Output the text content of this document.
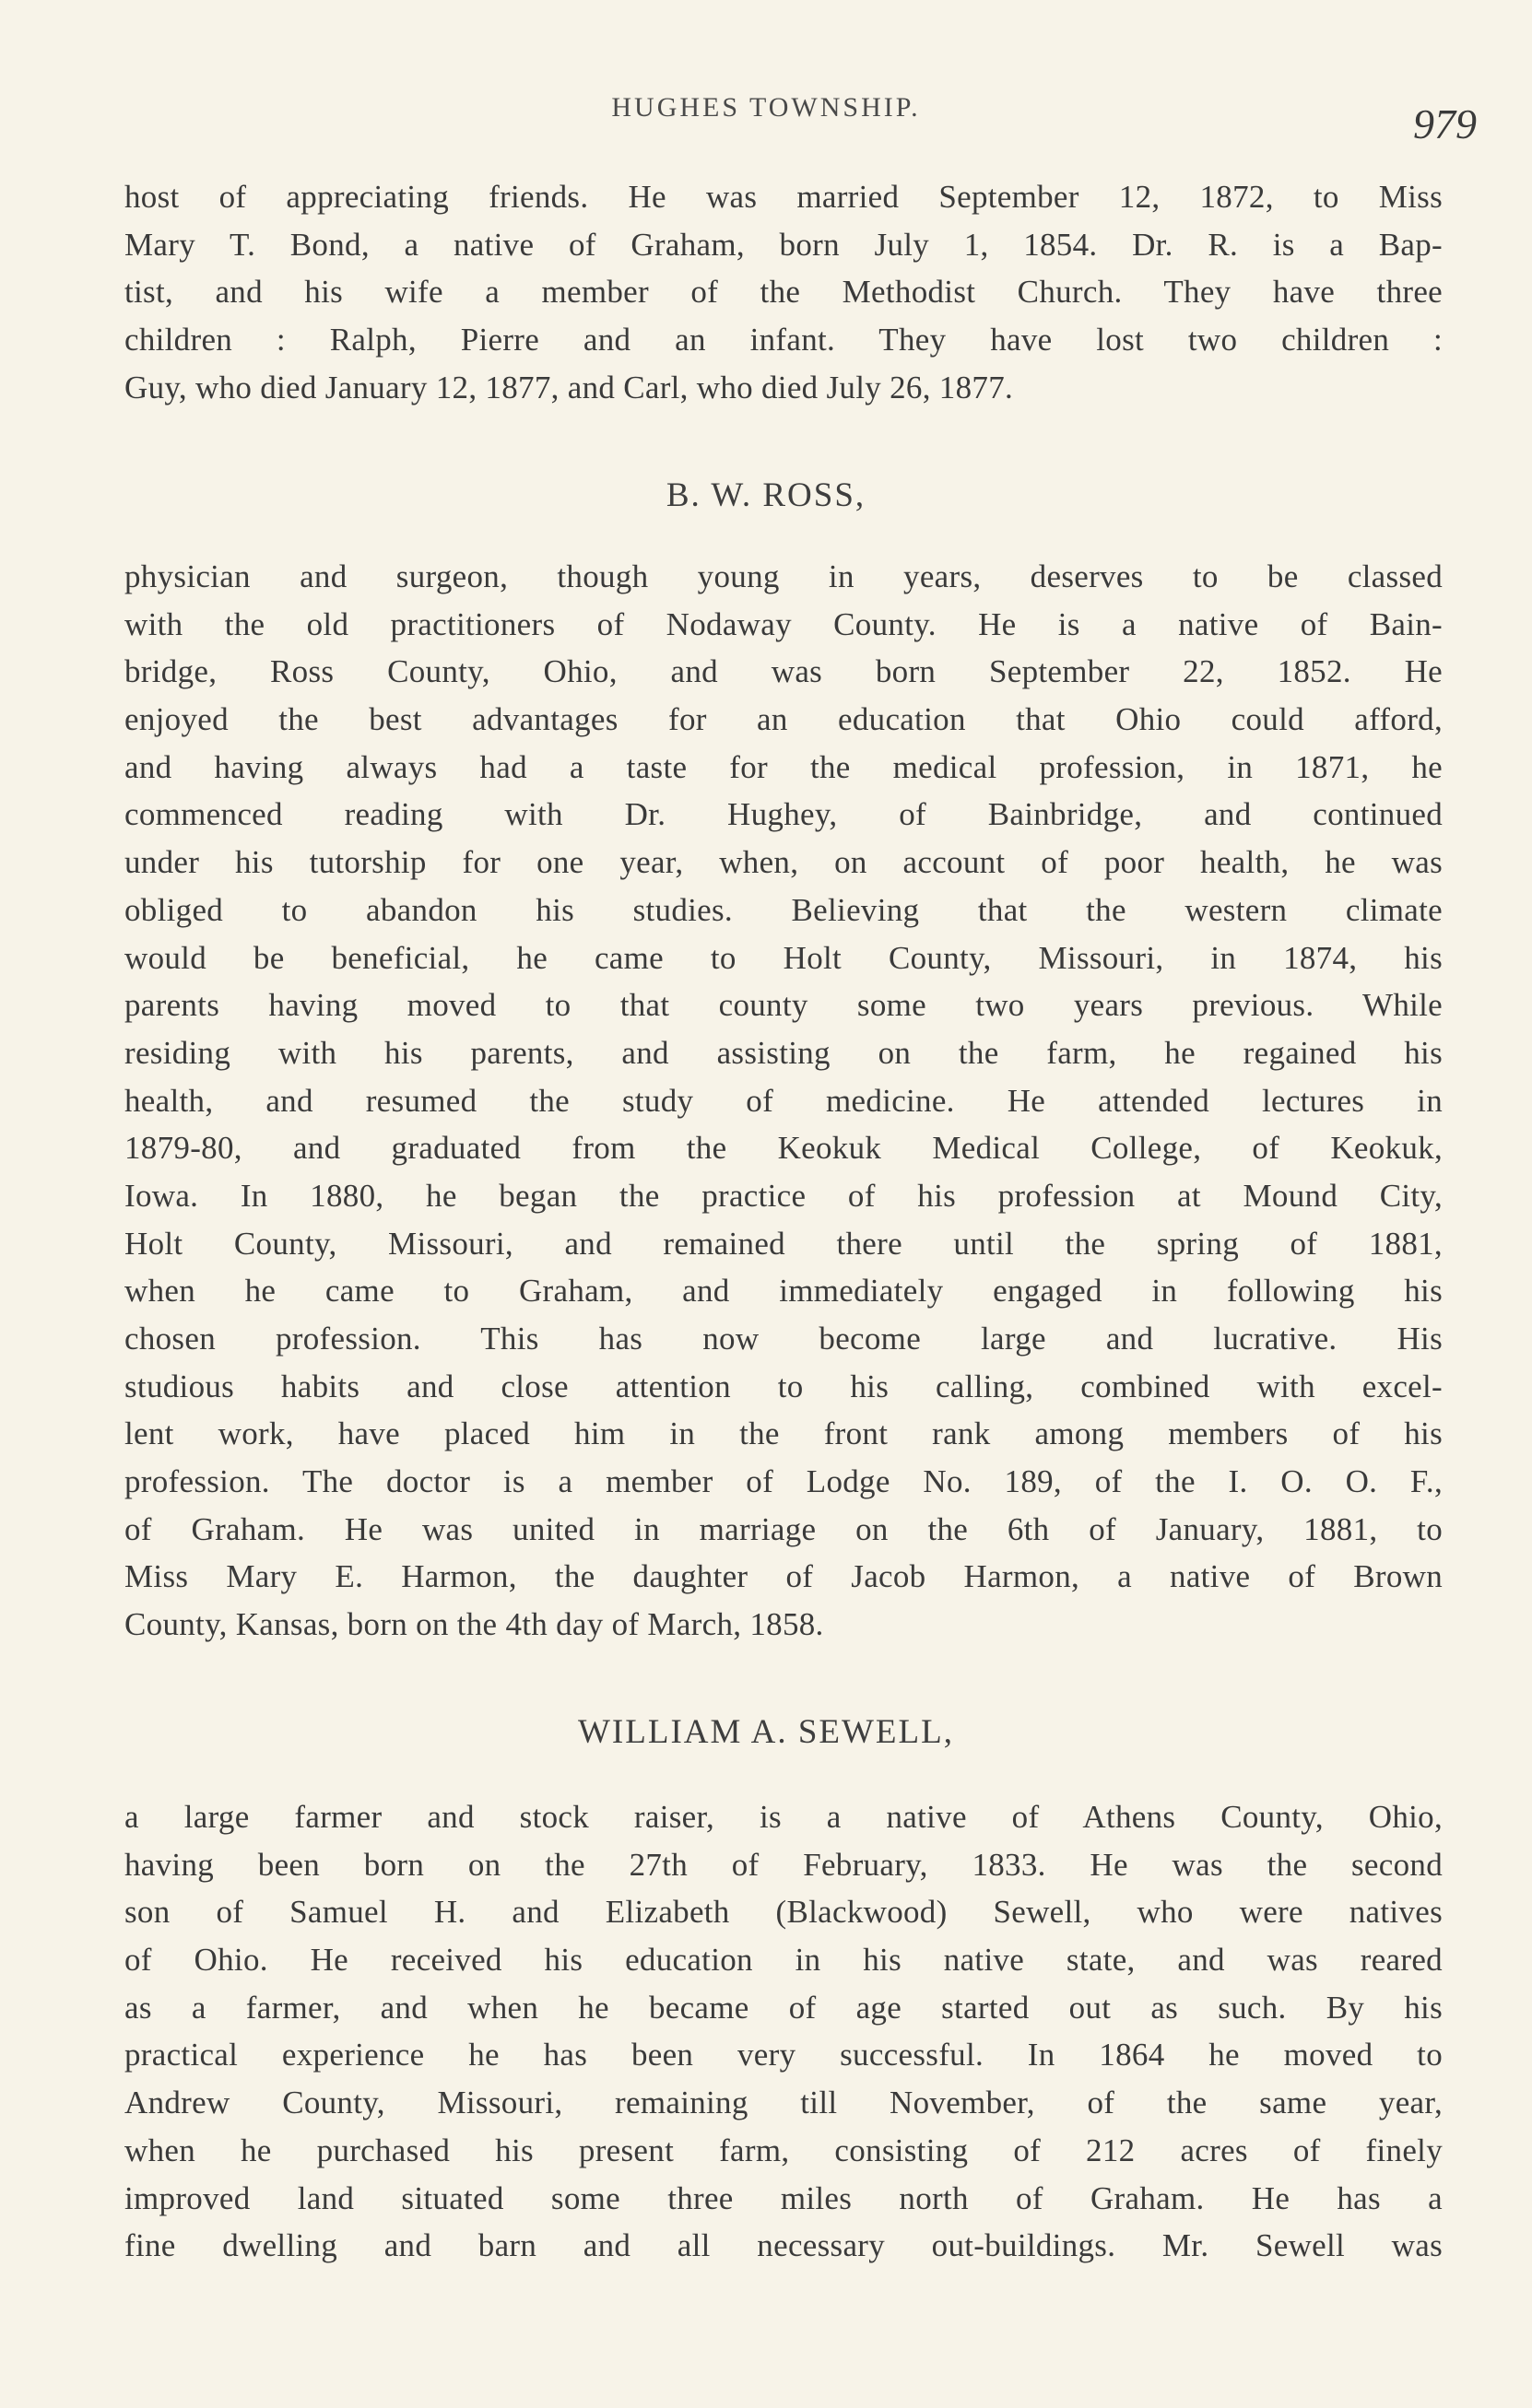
HUGHES TOWNSHIP.	979
host of appreciating friends. He was married September 12, 1872, to Miss
Mary T. Bond, a native of Graham, born July 1, 1854. Dr. R. is a Bap-
tist, and his wife a member of the Methodist Church. They have three
children : Ralph, Pierre and an infant. They have lost two children :
Guy, who died January 12, 1877, and Carl, who died July 26, 1877.
B. W. ROSS,
physician and surgeon, though young in years, deserves to be classed
with the old practitioners of Nodaway County. He is a native of Bain-
bridge, Ross County, Ohio, and was born September 22, 1852. He
enjoyed the best advantages for an education that Ohio could afford,
and having always had a taste for the medical profession, in 1871, he
commenced reading with Dr. Hughey, of Bainbridge, and continued
under his tutorship for one year, when, on account of poor health, he was
obliged to abandon his studies. Believing that the western climate
would be beneficial, he came to Holt County, Missouri, in 1874, his
parents having moved to that county some two years previous. While
residing with his parents, and assisting on the farm, he regained his
health, and resumed the study of medicine. He attended lectures in
1879-80, and graduated from the Keokuk Medical College, of Keokuk,
Iowa. In 1880, he began the practice of his profession at Mound City,
Holt County, Missouri, and remained there until the spring of 1881,
when he came to Graham, and immediately engaged in following his
chosen profession. This has now become large and lucrative. His
studious habits and close attention to his calling, combined with excel-
lent work, have placed him in the front rank among members of his
profession. The doctor is a member of Lodge No. 189, of the I. O. O. F.,
of Graham. He was united in marriage on the 6th of January, 1881, to
Miss Mary E. Harmon, the daughter of Jacob Harmon, a native of Brown
County, Kansas, born on the 4th day of March, 1858.
WILLIAM A. SEWELL,
a large farmer and stock raiser, is a native of Athens County, Ohio,
having been born on the 27th of February, 1833. He was the second
son of Samuel H. and Elizabeth (Blackwood) Sewell, who were natives
of Ohio. He received his education in his native state, and was reared
as a farmer, and when he became of age started out as such. By his
practical experience he has been very successful. In 1864 he moved to
Andrew County, Missouri, remaining till November, of the same year,
when he purchased his present farm, consisting of 212 acres of finely
improved land situated some three miles north of Graham. He has a
fine dwelling and barn and all necessary out-buildings. Mr. Sewell was
